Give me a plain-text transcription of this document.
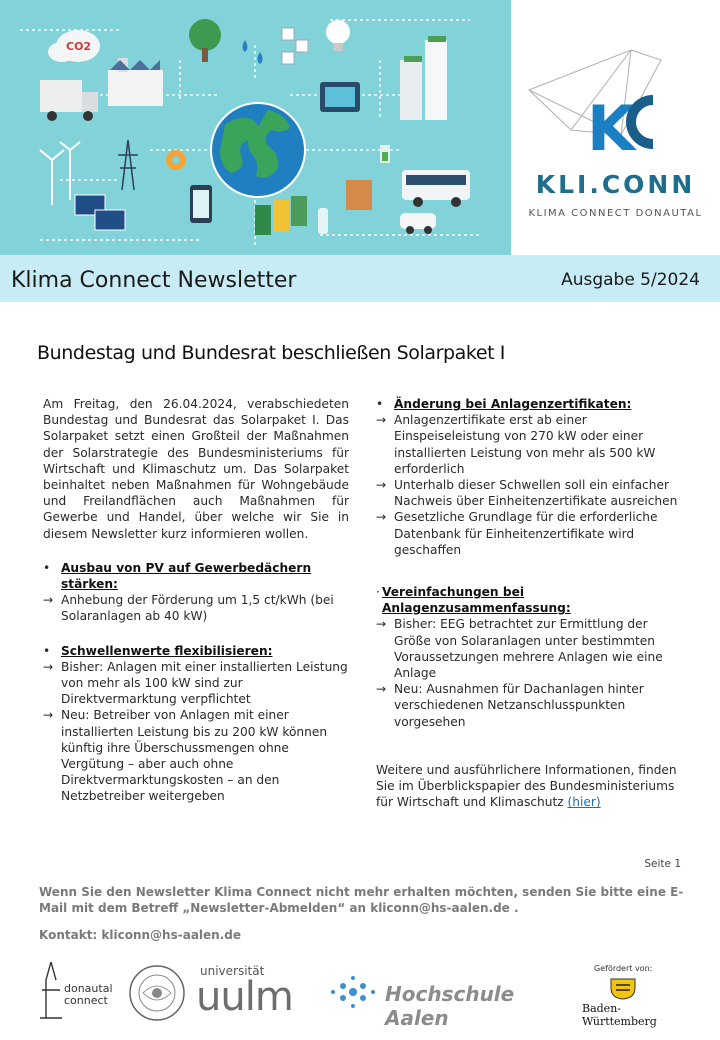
CO2
K
KLI.CONN
KLIMA CONNECT DONAUTAL
Klima Connect Newsletter	Ausgabe 5/2024
Bundestag und Bundesrat beschließen Solarpaket I

Am Freitag, den 26.04.2024, verabschiedeten Bundestag und Bundesrat das Solarpaket I. Das Solarpaket setzt einen Großteil der Maßnahmen der Solarstrategie des Bundesministeriums für Wirtschaft und Klimaschutz um. Das Solarpaket beinhaltet neben Maßnahmen für Wohngebäude und Freilandflächen auch Maßnahmen für Gewerbe und Handel, über welche wir Sie in diesem Newsletter kurz informieren wollen.

• Ausbau von PV auf Gewerbedächern stärken:
→ Anhebung der Förderung um 1,5 ct/kWh (bei Solaranlagen ab 40 kW)
• Schwellenwerte flexibilisieren:
→ Bisher: Anlagen mit einer installierten Leistung von mehr als 100 kW sind zur Direktvermarktung verpflichtet
→ Neu: Betreiber von Anlagen mit einer installierten Leistung bis zu 200 kW können künftig ihre Überschussmengen ohne Vergütung – aber auch ohne Direktvermarktungskosten – an den Netzbetreiber weitergeben
• Änderung bei Anlagenzertifikaten:
→ Anlagenzertifikate erst ab einer Einspeiseleistung von 270 kW oder einer installierten Leistung von mehr als 500 kW erforderlich
→ Unterhalb dieser Schwellen soll ein einfacher Nachweis über Einheitenzertifikate ausreichen
→ Gesetzliche Grundlage für die erforderliche Datenbank für Einheitenzertifikate wird geschaffen
· Vereinfachungen bei Anlagenzusammenfassung:
→ Bisher: EEG betrachtet zur Ermittlung der Größe von Solaranlagen unter bestimmten Voraussetzungen mehrere Anlagen wie eine Anlage
→ Neu: Ausnahmen für Dachanlagen hinter verschiedenen Netzanschlusspunkten vorgesehen

Weitere und ausführlichere Informationen, finden Sie im Überblickspapier des Bundesministeriums für Wirtschaft und Klimaschutz (hier)

Seite 1

Wenn Sie den Newsletter Klima Connect nicht mehr erhalten möchten, senden Sie bitte eine E-Mail mit dem Betreff „Newsletter-Abmelden“ an kliconn@hs-aalen.de .

Kontakt: kliconn@hs-aalen.de

donautal connect
universität
uulm	Hochschule Aalen
Gefördert von:
Baden-Württemberg
